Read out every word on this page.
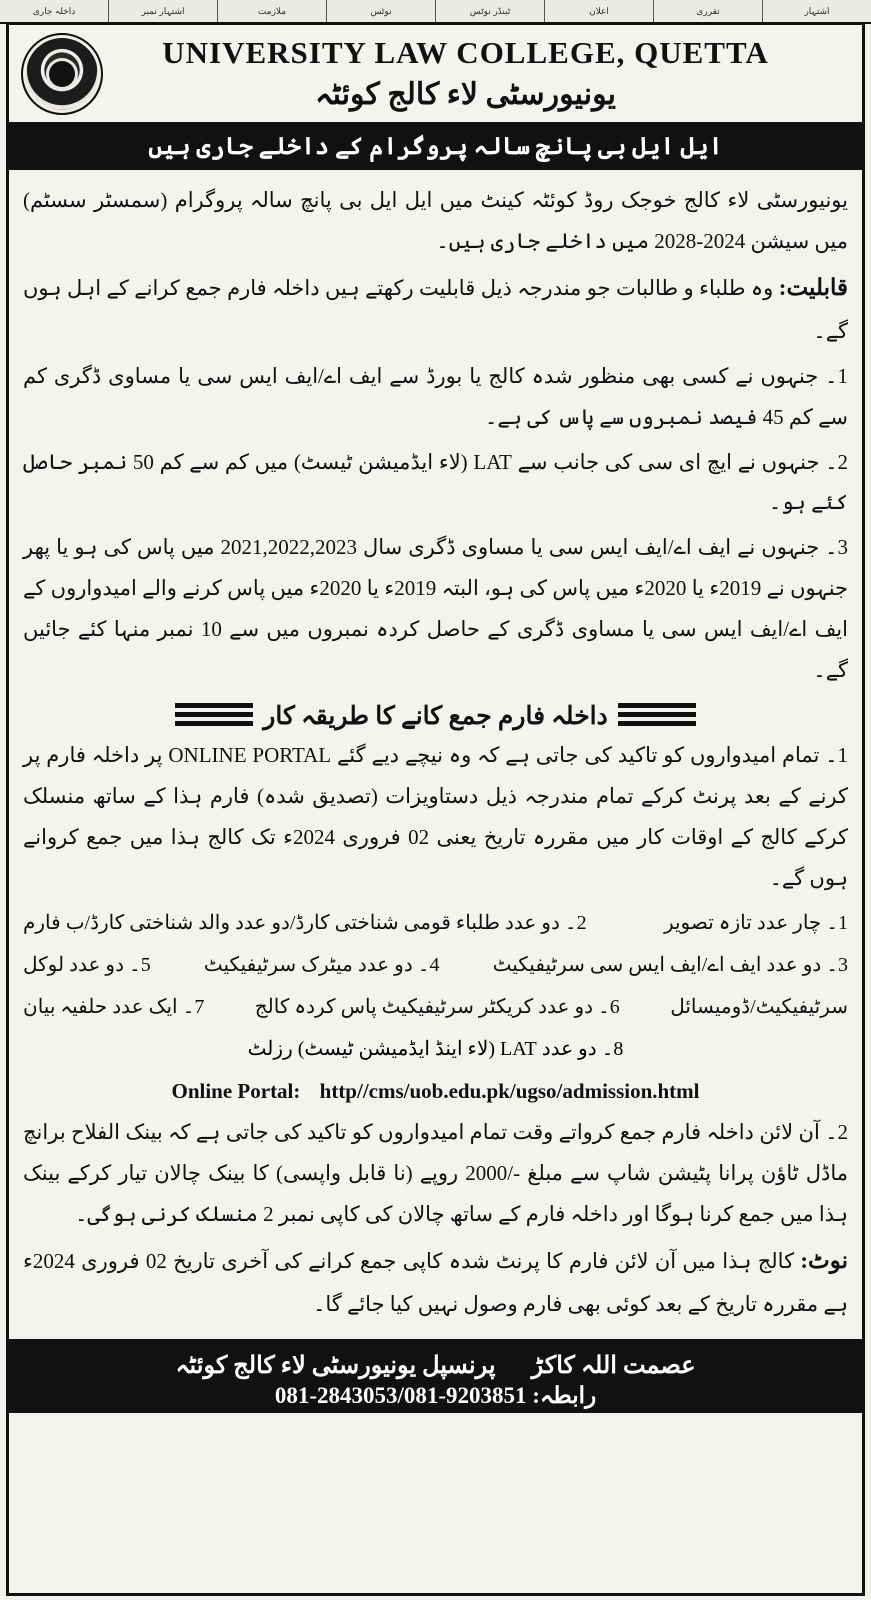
داخلہ جاری	اشتہار نمبر	ملازمت	نوٹس	ٹینڈر نوٹس	اعلان	تقرری	اشتہار
UNIVERSITY LAW COLLEGE, QUETTA
یونیورسٹی لاء کالج کوئٹہ
ایل ایل بی پانچ سالہ پروگرام کے داخلے جاری ہیں
یونیورسٹی لاء کالج خوجک روڈ کوئٹہ کینٹ میں ایل ایل بی پانچ سالہ پروگرام (سمسٹر سسٹم) میں سیشن 2024-2028 میں داخلے جاری ہیں۔
قابلیت: وہ طلباء و طالبات جو مندرجہ ذیل قابلیت رکھتے ہیں داخلہ فارم جمع کرانے کے اہل ہوں گے۔
1۔ جنہوں نے کسی بھی منظور شدہ کالج یا بورڈ سے ایف اے/ایف ایس سی یا مساوی ڈگری کم سے کم 45 فیصد نمبروں سے پاس کی ہے۔
2۔ جنہوں نے ایچ ای سی کی جانب سے LAT (لاء ایڈمیشن ٹیسٹ) میں کم سے کم 50 نمبر حاصل کئے ہو۔
3۔ جنہوں نے ایف اے/ایف ایس سی یا مساوی ڈگری سال 2021,2022,2023 میں پاس کی ہو یا پھر جنہوں نے 2019ء یا 2020ء میں پاس کی ہو، البتہ 2019ء یا 2020ء میں پاس کرنے والے امیدواروں کے ایف اے/ایف ایس سی یا مساوی ڈگری کے حاصل کردہ نمبروں میں سے 10 نمبر منہا کئے جائیں گے۔
داخلہ فارم جمع کانے کا طریقہ کار
1۔ تمام امیدواروں کو تاکید کی جاتی ہے کہ وہ نیچے دیے گئے ONLINE PORTAL پر داخلہ فارم پر کرنے کے بعد پرنٹ کرکے تمام مندرجہ ذیل دستاویزات (تصدیق شدہ) فارم ہذا کے ساتھ منسلک کرکے کالج کے اوقات کار میں مقررہ تاریخ یعنی 02 فروری 2024ء تک کالج ہذا میں جمع کروانے ہوں گے۔
1۔ چار عدد تازہ تصویر
2۔ دو عدد طلباء قومی شناختی کارڈ/دو عدد والد شناختی کارڈ/ب فارم
3۔ دو عدد ایف اے/ایف ایس سی سرٹیفیکیٹ
4۔ دو عدد میٹرک سرٹیفیکیٹ
5۔ دو عدد لوکل
سرٹیفیکیٹ/ڈومیسائل
6۔ دو عدد کریکٹر سرٹیفیکیٹ پاس کردہ کالج
7۔ ایک عدد حلفیہ بیان
8۔ دو عدد LAT (لاء اینڈ ایڈمیشن ٹیسٹ) رزلٹ
Online Portal: http//cms/uob.edu.pk/ugso/admission.html
2۔ آن لائن داخلہ فارم جمع کرواتے وقت تمام امیدواروں کو تاکید کی جاتی ہے کہ بینک الفلاح برانچ ماڈل ٹاؤن پرانا پٹیشن شاپ سے مبلغ -/2000 روپے (نا قابل واپسی) کا بینک چالان تیار کرکے بینک ہذا میں جمع کرنا ہوگا اور داخلہ فارم کے ساتھ چالان کی کاپی نمبر 2 منسلک کرنی ہوگی۔
نوٹ: کالج ہذا میں آن لائن فارم کا پرنٹ شدہ کاپی جمع کرانے کی آخری تاریخ 02 فروری 2024ء ہے مقررہ تاریخ کے بعد کوئی بھی فارم وصول نہیں کیا جائے گا۔
عصمت اللہ کاکڑ      پرنسپل یونیورسٹی لاء کالج کوئٹہ
رابطہ: 081-2843053/081-9203851
